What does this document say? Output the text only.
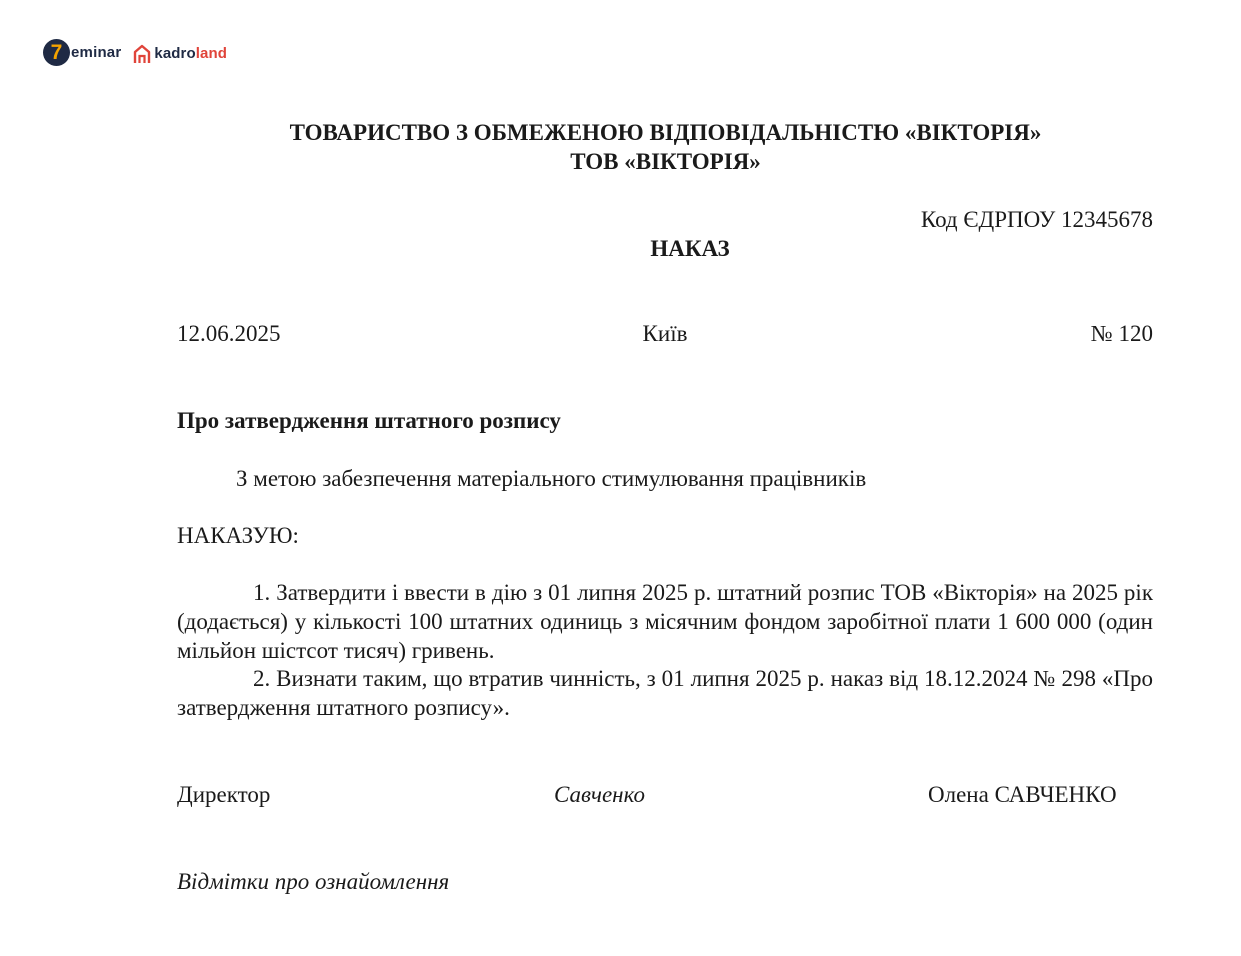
7 eminar kadroland
ТОВАРИСТВО З ОБМЕЖЕНОЮ ВІДПОВІДАЛЬНІСТЮ «ВІКТОРІЯ»
ТОВ «ВІКТОРІЯ»
Код ЄДРПОУ 12345678
НАКАЗ
12.06.2025	Київ	№ 120
Про затвердження штатного розпису
З метою забезпечення матеріального стимулювання працівників
НАКАЗУЮ:
1. Затвердити і ввести в дію з 01 липня 2025 р. штатний розпис ТОВ «Вікторія» на 2025 рік (додається) у кількості 100 штатних одиниць з місячним фондом заробітної плати 1 600 000 (один мільйон шістсот тисяч) гривень.
2. Визнати таким, що втратив чинність, з 01 липня 2025 р. наказ від 18.12.2024 № 298 «Про затвердження штатного розпису».
Директор	Савченко	Олена САВЧЕНКО
Відмітки про ознайомлення
